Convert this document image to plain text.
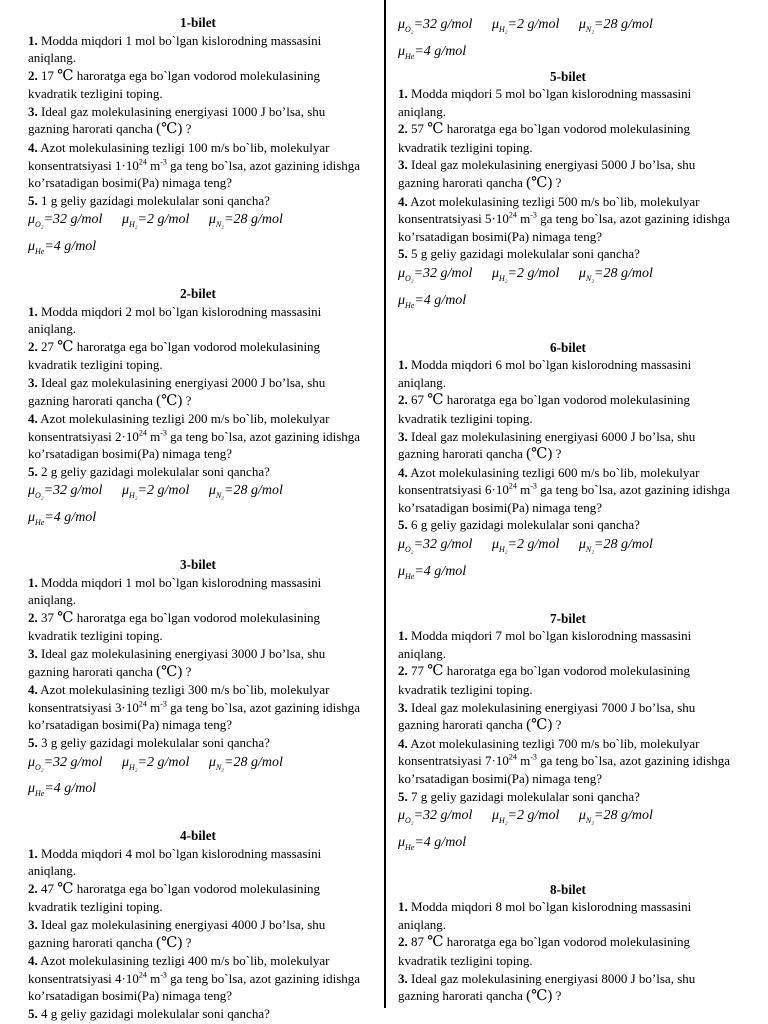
1-bilet

1. Modda miqdori 1 mol bo`lgan kislorodning massasini aniqlang.

2. 17 ℃ haroratga ega bo`lgan vodorod molekulasining kvadratik tezligini toping.

3. Ideal gaz molekulasining energiyasi 1000 J bo’lsa, shu gazning harorati qancha (℃) ?

4. Azot molekulasining tezligi 100 m/s bo`lib, molekulyar konsentratsiyasi $1\cdot 10^{24}$ $m^{-3}$ ga teng bo`lsa, azot gazining idishga ko’rsatadigan bosimi(Pa) nimaga teng?

5. 1 g geliy gazidagi molekulalar soni qancha?

$\mu_{O_2}=32$ g/mol $\mu_{H_2}=2$ g/mol $\mu_{N_2}=28$ g/mol
$\mu_{He}=4$ g/mol
2-bilet

1. Modda miqdori 2 mol bo`lgan kislorodning massasini aniqlang.

2. 27 ℃ haroratga ega bo`lgan vodorod molekulasining kvadratik tezligini toping.

3. Ideal gaz molekulasining energiyasi 2000 J bo’lsa, shu gazning harorati qancha (℃) ?

4. Azot molekulasining tezligi 200 m/s bo`lib, molekulyar konsentratsiyasi $2\cdot 10^{24}$ $m^{-3}$ ga teng bo`lsa, azot gazining idishga ko’rsatadigan bosimi(Pa) nimaga teng?

5. 2 g geliy gazidagi molekulalar soni qancha?

$\mu_{O_2}=32$ g/mol $\mu_{H_2}=2$ g/mol $\mu_{N_2}=28$ g/mol
$\mu_{He}=4$ g/mol
3-bilet

1. Modda miqdori 1 mol bo`lgan kislorodning massasini aniqlang.

2. 37 ℃ haroratga ega bo`lgan vodorod molekulasining kvadratik tezligini toping.

3. Ideal gaz molekulasining energiyasi 3000 J bo’lsa, shu gazning harorati qancha (℃) ?

4. Azot molekulasining tezligi 300 m/s bo`lib, molekulyar konsentratsiyasi $3\cdot 10^{24}$ $m^{-3}$ ga teng bo`lsa, azot gazining idishga ko’rsatadigan bosimi(Pa) nimaga teng?

5. 3 g geliy gazidagi molekulalar soni qancha?

$\mu_{O_2}=32$ g/mol $\mu_{H_2}=2$ g/mol $\mu_{N_2}=28$ g/mol
$\mu_{He}=4$ g/mol
4-bilet

1. Modda miqdori 4 mol bo`lgan kislorodning massasini aniqlang.

2. 47 ℃ haroratga ega bo`lgan vodorod molekulasining kvadratik tezligini toping.

3. Ideal gaz molekulasining energiyasi 4000 J bo’lsa, shu gazning harorati qancha (℃) ?

4. Azot molekulasining tezligi 400 m/s bo`lib, molekulyar konsentratsiyasi $4\cdot 10^{24}$ $m^{-3}$ ga teng bo`lsa, azot gazining idishga ko’rsatadigan bosimi(Pa) nimaga teng?

5. 4 g geliy gazidagi molekulalar soni qancha?

$\mu_{O_2}=32$ g/mol $\mu_{H_2}=2$ g/mol $\mu_{N_2}=28$ g/mol
$\mu_{He}=4$ g/mol
5-bilet

1. Modda miqdori 5 mol bo`lgan kislorodning massasini aniqlang.

2. 57 ℃ haroratga ega bo`lgan vodorod molekulasining kvadratik tezligini toping.

3. Ideal gaz molekulasining energiyasi 5000 J bo’lsa, shu gazning harorati qancha (℃) ?

4. Azot molekulasining tezligi 500 m/s bo`lib, molekulyar konsentratsiyasi $5\cdot 10^{24}$ $m^{-3}$ ga teng bo`lsa, azot gazining idishga ko’rsatadigan bosimi(Pa) nimaga teng?

5. 5 g geliy gazidagi molekulalar soni qancha?

$\mu_{O_2}=32$ g/mol $\mu_{H_2}=2$ g/mol $\mu_{N_2}=28$ g/mol
$\mu_{He}=4$ g/mol
6-bilet

1. Modda miqdori 6 mol bo`lgan kislorodning massasini aniqlang.

2. 67 ℃ haroratga ega bo`lgan vodorod molekulasining kvadratik tezligini toping.

3. Ideal gaz molekulasining energiyasi 6000 J bo’lsa, shu gazning harorati qancha (℃) ?

4. Azot molekulasining tezligi 600 m/s bo`lib, molekulyar konsentratsiyasi $6\cdot 10^{24}$ $m^{-3}$ ga teng bo`lsa, azot gazining idishga ko’rsatadigan bosimi(Pa) nimaga teng?

5. 6 g geliy gazidagi molekulalar soni qancha?

$\mu_{O_2}=32$ g/mol $\mu_{H_2}=2$ g/mol $\mu_{N_2}=28$ g/mol
$\mu_{He}=4$ g/mol
7-bilet

1. Modda miqdori 7 mol bo`lgan kislorodning massasini aniqlang.

2. 77 ℃ haroratga ega bo`lgan vodorod molekulasining kvadratik tezligini toping.

3. Ideal gaz molekulasining energiyasi 7000 J bo’lsa, shu gazning harorati qancha (℃) ?

4. Azot molekulasining tezligi 700 m/s bo`lib, molekulyar konsentratsiyasi $7\cdot 10^{24}$ $m^{-3}$ ga teng bo`lsa, azot gazining idishga ko’rsatadigan bosimi(Pa) nimaga teng?

5. 7 g geliy gazidagi molekulalar soni qancha?

$\mu_{O_2}=32$ g/mol $\mu_{H_2}=2$ g/mol $\mu_{N_2}=28$ g/mol
$\mu_{He}=4$ g/mol
8-bilet

1. Modda miqdori 8 mol bo`lgan kislorodning massasini aniqlang.

2. 87 ℃ haroratga ega bo`lgan vodorod molekulasining kvadratik tezligini toping.

3. Ideal gaz molekulasining energiyasi 8000 J bo’lsa, shu gazning harorati qancha (℃) ?
